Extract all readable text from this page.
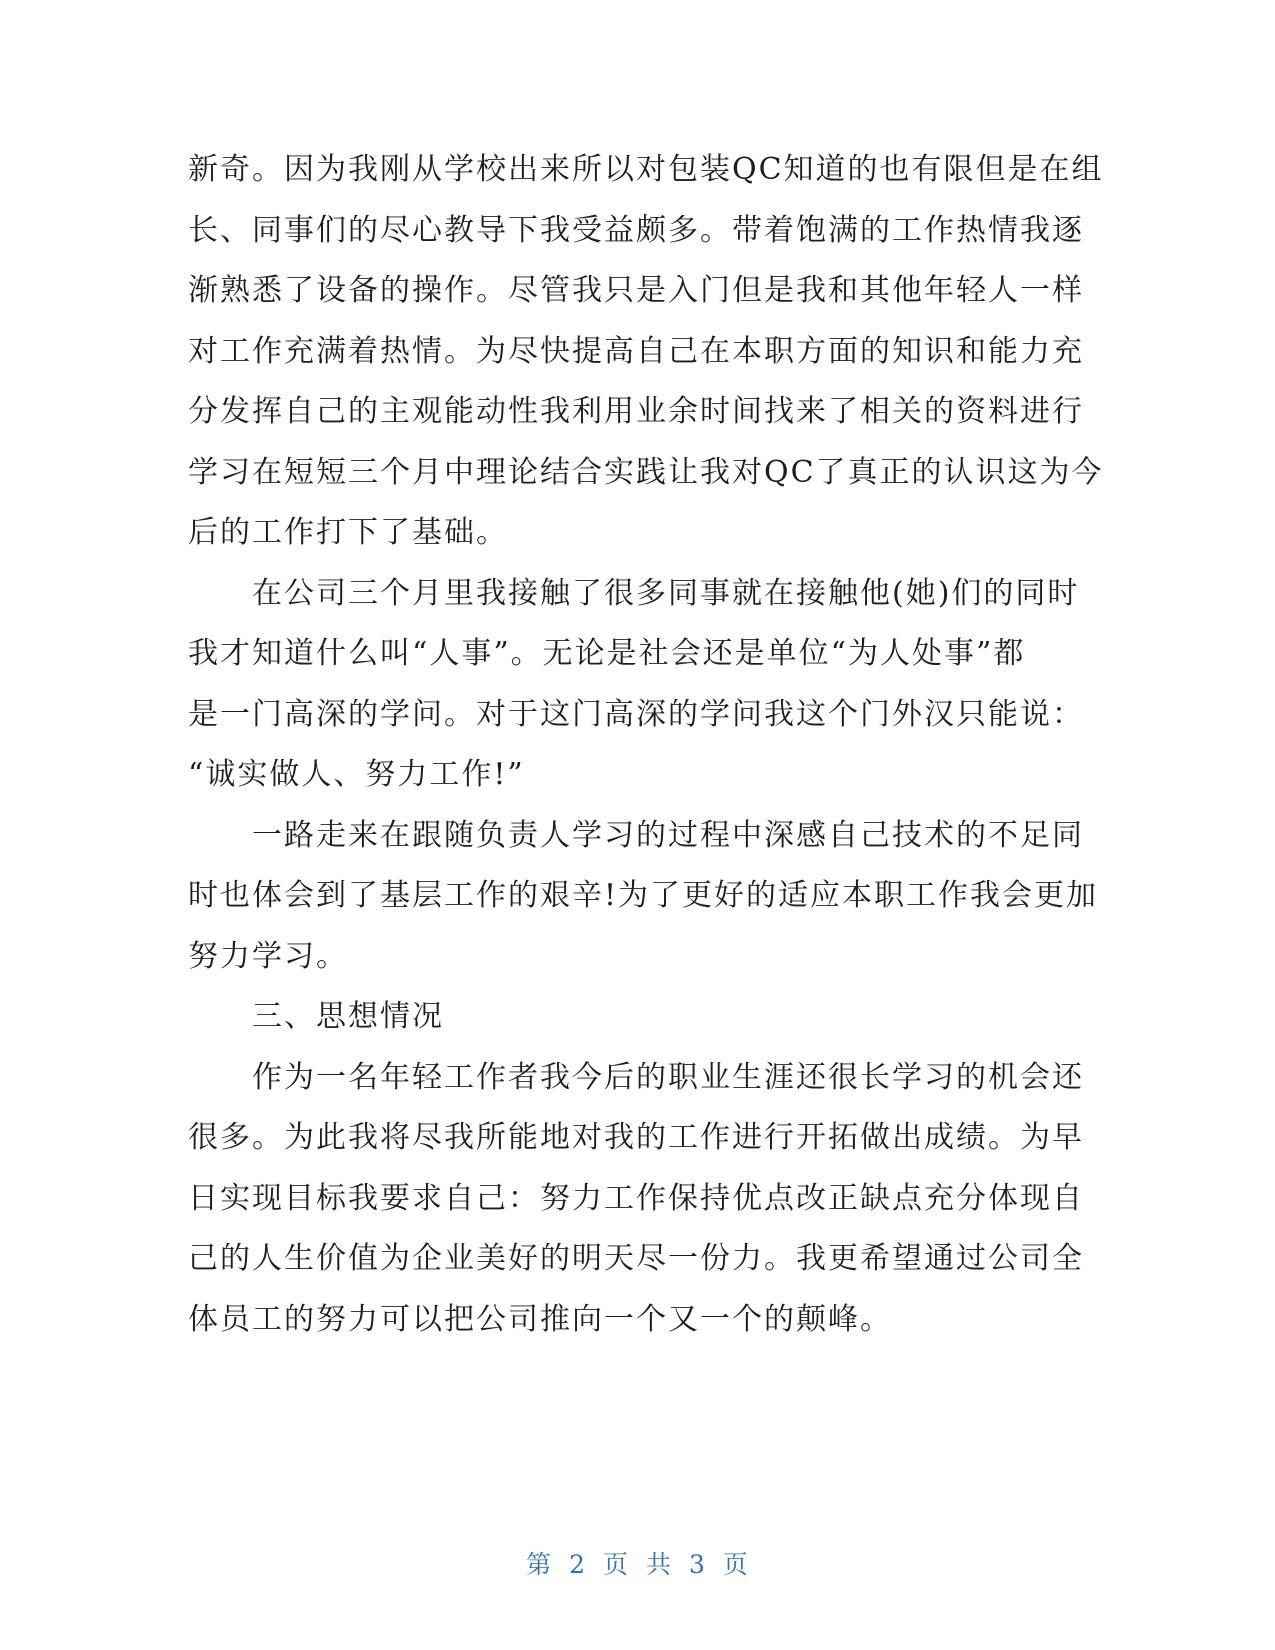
新奇。因为我刚从学校出来所以对包装QC知道的也有限但是在组
长、同事们的尽心教导下我受益颇多。带着饱满的工作热情我逐
渐熟悉了设备的操作。尽管我只是入门但是我和其他年轻人一样
对工作充满着热情。为尽快提高自己在本职方面的知识和能力充
分发挥自己的主观能动性我利用业余时间找来了相关的资料进行
学习在短短三个月中理论结合实践让我对QC了真正的认识这为今
后的工作打下了基础。
在公司三个月里我接触了很多同事就在接触他(她)们的同时
我才知道什么叫“人事”。无论是社会还是单位“为人处事”都
是一门高深的学问。对于这门高深的学问我这个门外汉只能说：
“诚实做人、努力工作!”
一路走来在跟随负责人学习的过程中深感自己技术的不足同
时也体会到了基层工作的艰辛!为了更好的适应本职工作我会更加
努力学习。
三、思想情况
作为一名年轻工作者我今后的职业生涯还很长学习的机会还
很多。为此我将尽我所能地对我的工作进行开拓做出成绩。为早
日实现目标我要求自己：努力工作保持优点改正缺点充分体现自
己的人生价值为企业美好的明天尽一份力。我更希望通过公司全
体员工的努力可以把公司推向一个又一个的颠峰。
第 2 页 共 3 页
